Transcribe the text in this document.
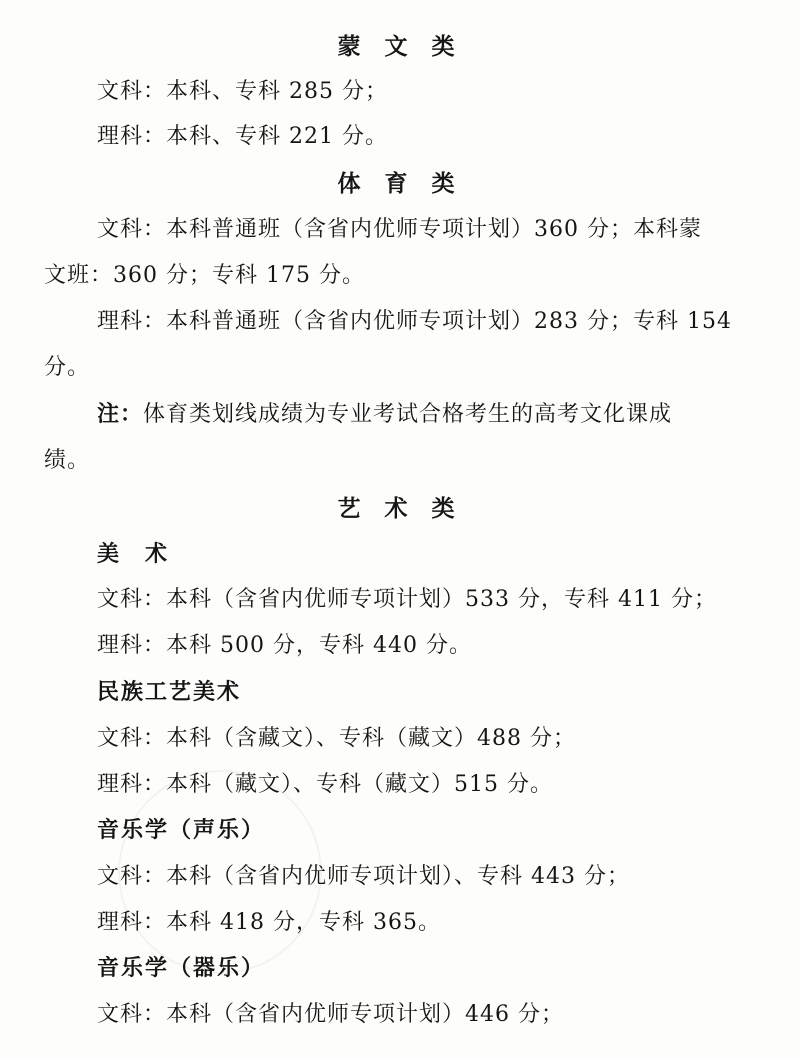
蒙 文 类
文科：本科、专科 285 分；
理科：本科、专科 221 分。
体 育 类
文科：本科普通班（含省内优师专项计划）360 分；本科蒙
文班：360 分；专科 175 分。
理科：本科普通班（含省内优师专项计划）283 分；专科 154
分。
注：体育类划线成绩为专业考试合格考生的高考文化课成
绩。
艺 术 类
美　术
文科：本科（含省内优师专项计划）533 分，专科 411 分；
理科：本科 500 分，专科 440 分。
民族工艺美术
文科：本科（含藏文）、专科（藏文）488 分；
理科：本科（藏文）、专科（藏文）515 分。
音乐学（声乐）
文科：本科（含省内优师专项计划）、专科 443 分；
理科：本科 418 分，专科 365。
音乐学（器乐）
文科：本科（含省内优师专项计划）446 分；
